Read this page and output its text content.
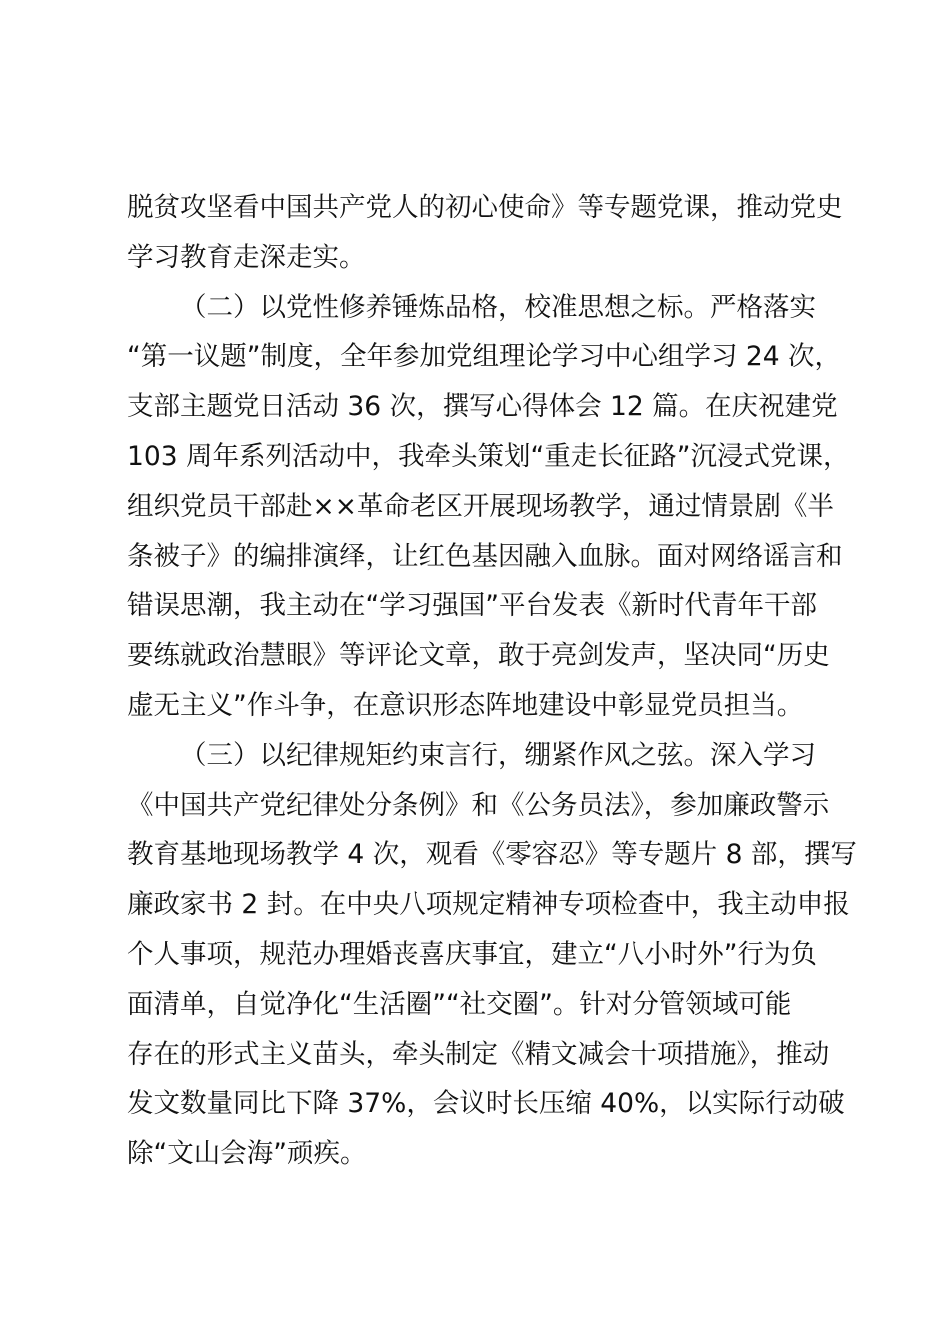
脱贫攻坚看中国共产党人的初心使命》等专题党课，推动党史
学习教育走深走实。
（二）以党性修养锤炼品格，校准思想之标。严格落实
“第一议题”制度，全年参加党组理论学习中心组学习 24 次，
支部主题党日活动 36 次，撰写心得体会 12 篇。在庆祝建党
103 周年系列活动中，我牵头策划“重走长征路”沉浸式党课，
组织党员干部赴××革命老区开展现场教学，通过情景剧《半
条被子》的编排演绎，让红色基因融入血脉。面对网络谣言和
错误思潮，我主动在“学习强国”平台发表《新时代青年干部
要练就政治慧眼》等评论文章，敢于亮剑发声，坚决同“历史
虚无主义”作斗争，在意识形态阵地建设中彰显党员担当。
（三）以纪律规矩约束言行，绷紧作风之弦。深入学习
《中国共产党纪律处分条例》和《公务员法》，参加廉政警示
教育基地现场教学 4 次，观看《零容忍》等专题片 8 部，撰写
廉政家书 2 封。在中央八项规定精神专项检查中，我主动申报
个人事项，规范办理婚丧喜庆事宜，建立“八小时外”行为负
面清单，自觉净化“生活圈”“社交圈”。针对分管领域可能
存在的形式主义苗头，牵头制定《精文减会十项措施》，推动
发文数量同比下降 37%，会议时长压缩 40%，以实际行动破
除“文山会海”顽疾。
